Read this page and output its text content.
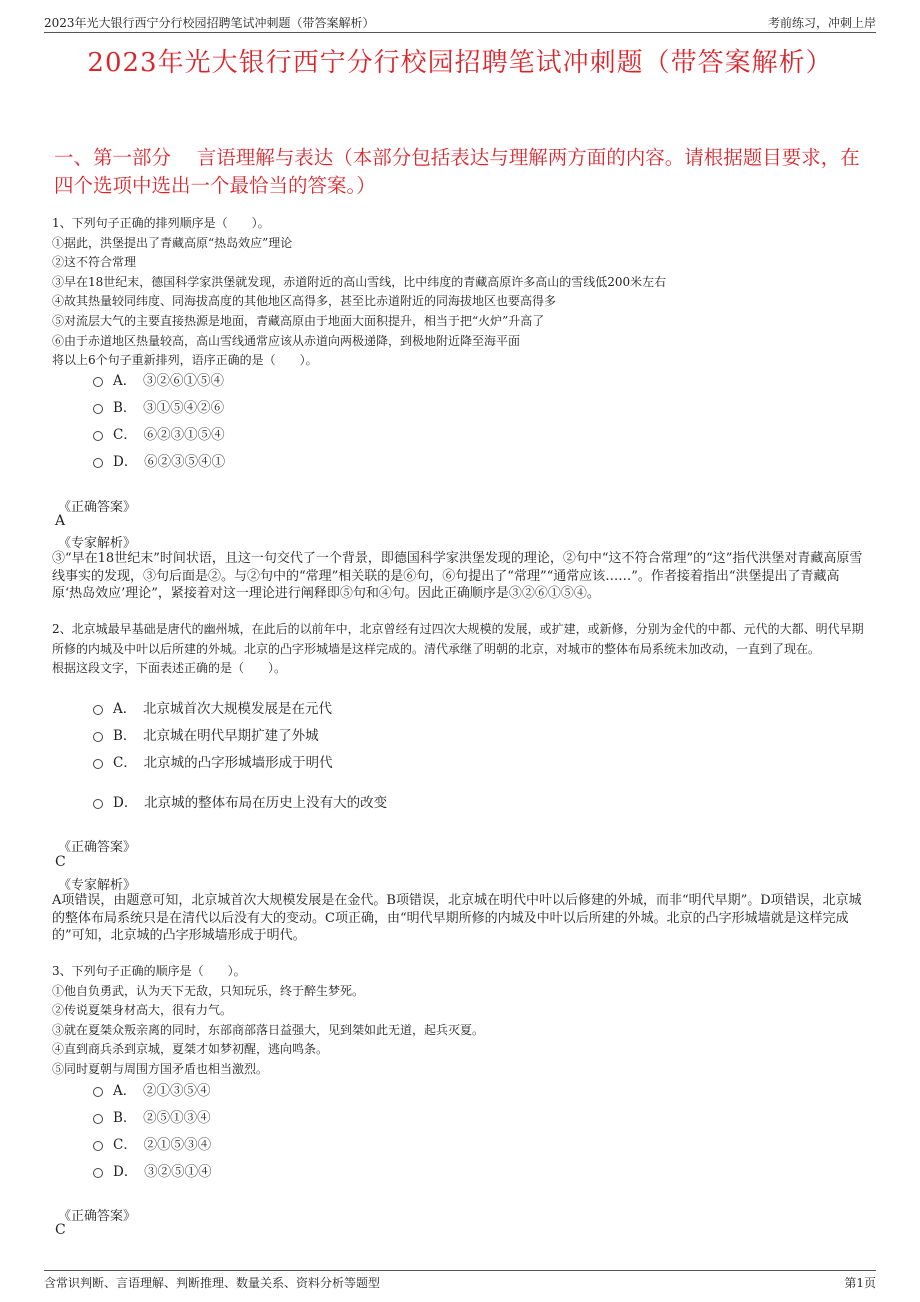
2023年光大银行西宁分行校园招聘笔试冲刺题（带答案解析）	考前练习，冲刺上岸
2023年光大银行西宁分行校园招聘笔试冲刺题（带答案解析）
一、第一部分　 言语理解与表达（本部分包括表达与理解两方面的内容。请根据题目要求，在四个选项中选出一个最恰当的答案。）

1、下列句子正确的排列顺序是（　　）。

①据此，洪堡提出了青藏高原“热岛效应”理论

②这不符合常理

③早在18世纪末，德国科学家洪堡就发现，赤道附近的高山雪线，比中纬度的青藏高原许多高山的雪线低200米左右

④故其热量较同纬度、同海拔高度的其他地区高得多，甚至比赤道附近的同海拔地区也要高得多

⑤对流层大气的主要直接热源是地面，青藏高原由于地面大面积提升，相当于把“火炉”升高了

⑥由于赤道地区热量较高，高山雪线通常应该从赤道向两极递降，到极地附近降至海平面

将以上6个句子重新排列，语序正确的是（　　）。

A．　 ③②⑥①⑤④
B．　 ③①⑤④②⑥
C．　 ⑥②③①⑤④
D．　 ⑥②③⑤④①
《正确答案》
A
《专家解析》
③“早在18世纪末”时间状语，且这一句交代了一个背景，即德国科学家洪堡发现的理论，②句中“这不符合常理”的“这”指代洪堡对青藏高原雪线事实的发现，③句后面是②。与②句中的“常理”相关联的是⑥句，⑥句提出了“常理”“通常应该……”。作者接着指出“洪堡提出了青藏高原‘热岛效应’理论”，紧接着对这一理论进行阐释即⑤句和④句。因此正确顺序是③②⑥①⑤④。

2、北京城最早基础是唐代的幽州城，在此后的以前年中，北京曾经有过四次大规模的发展，或扩建，或新修，分别为金代的中都、元代的大都、明代早期所修的内城及中叶以后所建的外城。北京的凸字形城墙是这样完成的。清代承继了明朝的北京，对城市的整体布局系统未加改动，一直到了现在。

根据这段文字，下面表述正确的是（　　）。

A．　 北京城首次大规模发展是在元代
B．　 北京城在明代早期扩建了外城
C．　 北京城的凸字形城墙形成于明代
D．　 北京城的整体布局在历史上没有大的改变
《正确答案》
C
《专家解析》
A项错误，由题意可知，北京城首次大规模发展是在金代。B项错误，北京城在明代中叶以后修建的外城，而非“明代早期”。D项错误，北京城的整体布局系统只是在清代以后没有大的变动。C项正确，由“明代早期所修的内城及中叶以后所建的外城。北京的凸字形城墙就是这样完成的”可知，北京城的凸字形城墙形成于明代。

3、下列句子正确的顺序是（　　）。

①他自负勇武，认为天下无敌，只知玩乐，终于醉生梦死。

②传说夏桀身材高大，很有力气。

③就在夏桀众叛亲离的同时，东部商部落日益强大，见到桀如此无道，起兵灭夏。

④直到商兵杀到京城，夏桀才如梦初醒，逃向鸣条。

⑤同时夏朝与周围方国矛盾也相当激烈。

A．　 ②①③⑤④
B．　 ②⑤①③④
C．　 ②①⑤③④
D．　 ③②⑤①④
《正确答案》
C
含常识判断、言语理解、判断推理、数量关系、资料分析等题型	第1页
